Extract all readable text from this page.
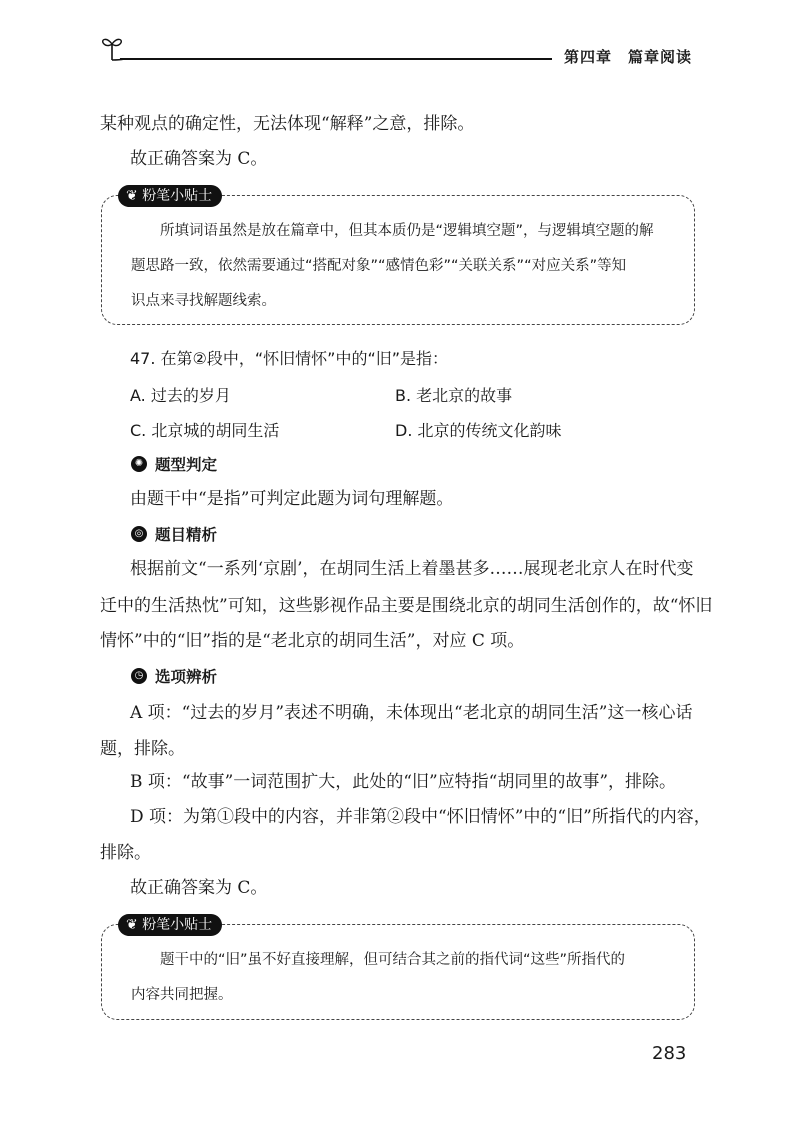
第四章　篇章阅读
某种观点的确定性，无法体现“解释”之意，排除。
故正确答案为 C。
❦ 粉笔小贴士
所填词语虽然是放在篇章中，但其本质仍是“逻辑填空题”，与逻辑填空题的解
题思路一致，依然需要通过“搭配对象”“感情色彩”“关联关系”“对应关系”等知
识点来寻找解题线索。
47. 在第②段中，“怀旧情怀”中的“旧”是指：
A. 过去的岁月	B. 老北京的故事
C. 北京城的胡同生活	D. 北京的传统文化韵味
✺ 题型判定
由题干中“是指”可判定此题为词句理解题。
◎ 题目精析
根据前文“一系列‘京剧’，在胡同生活上着墨甚多……展现老北京人在时代变
迁中的生活热忱”可知，这些影视作品主要是围绕北京的胡同生活创作的，故“怀旧
情怀”中的“旧”指的是“老北京的胡同生活”，对应 C 项。
◷ 选项辨析
A 项：“过去的岁月”表述不明确，未体现出“老北京的胡同生活”这一核心话
题，排除。
B 项：“故事”一词范围扩大，此处的“旧”应特指“胡同里的故事”，排除。
D 项：为第①段中的内容，并非第②段中“怀旧情怀”中的“旧”所指代的内容，
排除。
故正确答案为 C。
❦ 粉笔小贴士
题干中的“旧”虽不好直接理解，但可结合其之前的指代词“这些”所指代的
内容共同把握。
283
